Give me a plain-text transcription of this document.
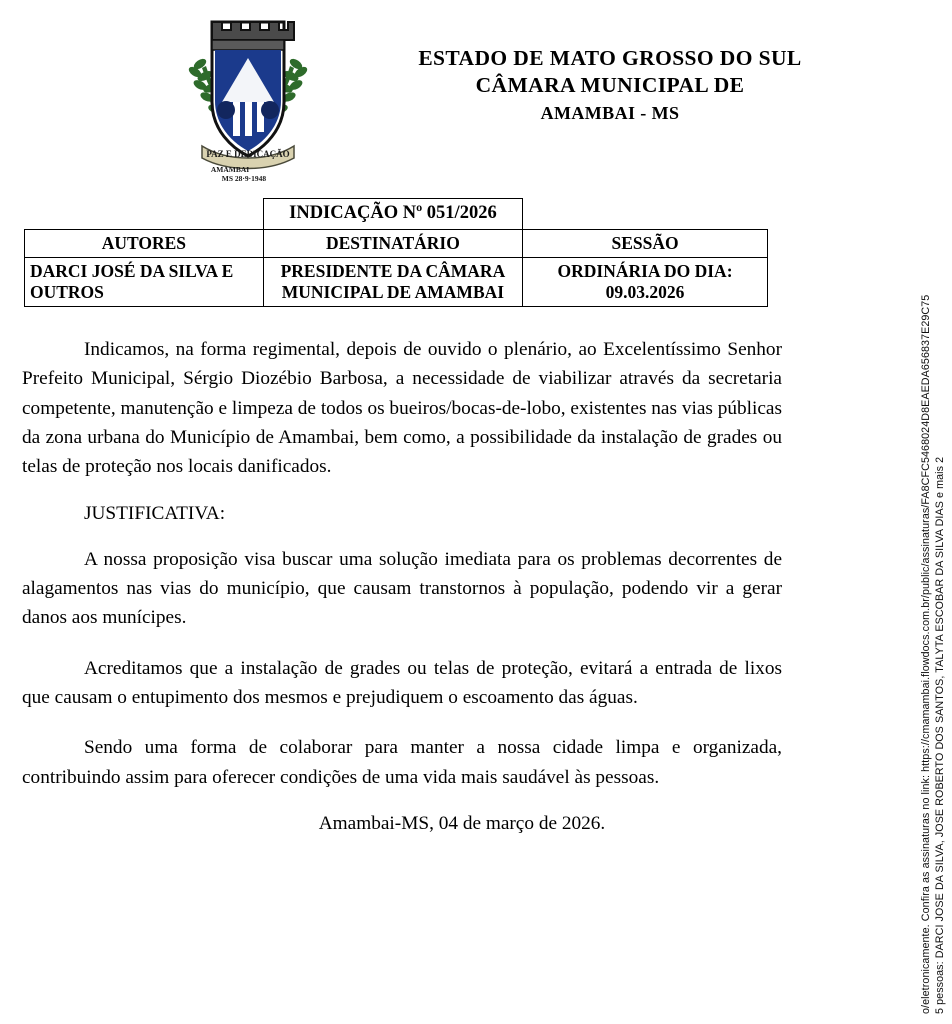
PAZ E DEDICAÇÃO
AMAMBAI
MS 28·9·1948
ESTADO DE MATO GROSSO DO SUL
CÂMARA MUNICIPAL DE
AMAMBAI - MS
	INDICAÇÃO Nº 051/2026	
AUTORES	DESTINATÁRIO	SESSÃO
DARCI JOSÉ DA SILVA E OUTROS	PRESIDENTE DA CÂMARA MUNICIPAL DE AMAMBAI	ORDINÁRIA DO DIA: 09.03.2026

Indicamos, na forma regimental, depois de ouvido o plenário, ao Excelentíssimo Senhor Prefeito Municipal, Sérgio Diozébio Barbosa, a necessidade de viabilizar através da secretaria competente, manutenção e limpeza de todos os bueiros/bocas-de-lobo, existentes nas vias públicas da zona urbana do Município de Amambai, bem como, a possibilidade da instalação de grades ou telas de proteção nos locais danificados.

JUSTIFICATIVA:

A nossa proposição visa buscar uma solução imediata para os problemas decorrentes de alagamentos nas vias do município, que causam transtornos à população, podendo vir a gerar danos aos munícipes.

Acreditamos que a instalação de grades ou telas de proteção, evitará a entrada de lixos que causam o entupimento dos mesmos e prejudiquem o escoamento das águas.

Sendo uma forma de colaborar para manter a nossa cidade limpa e organizada, contribuindo assim para oferecer condições de uma vida mais saudável às pessoas.

Amambai-MS, 04 de março de 2026.	5 pessoas: DARCI JOSE DA SILVA, JOSE ROBERTO DOS SANTOS, TALYTA ESCOBAR DA SILVA DIAS e mais 2
o/eletronicamente. Confira as assinaturas no link: https://cmamambai.flowdocs.com.br/public/assinaturas/FA8CFC5468024D8EAEDA656837E29C75
